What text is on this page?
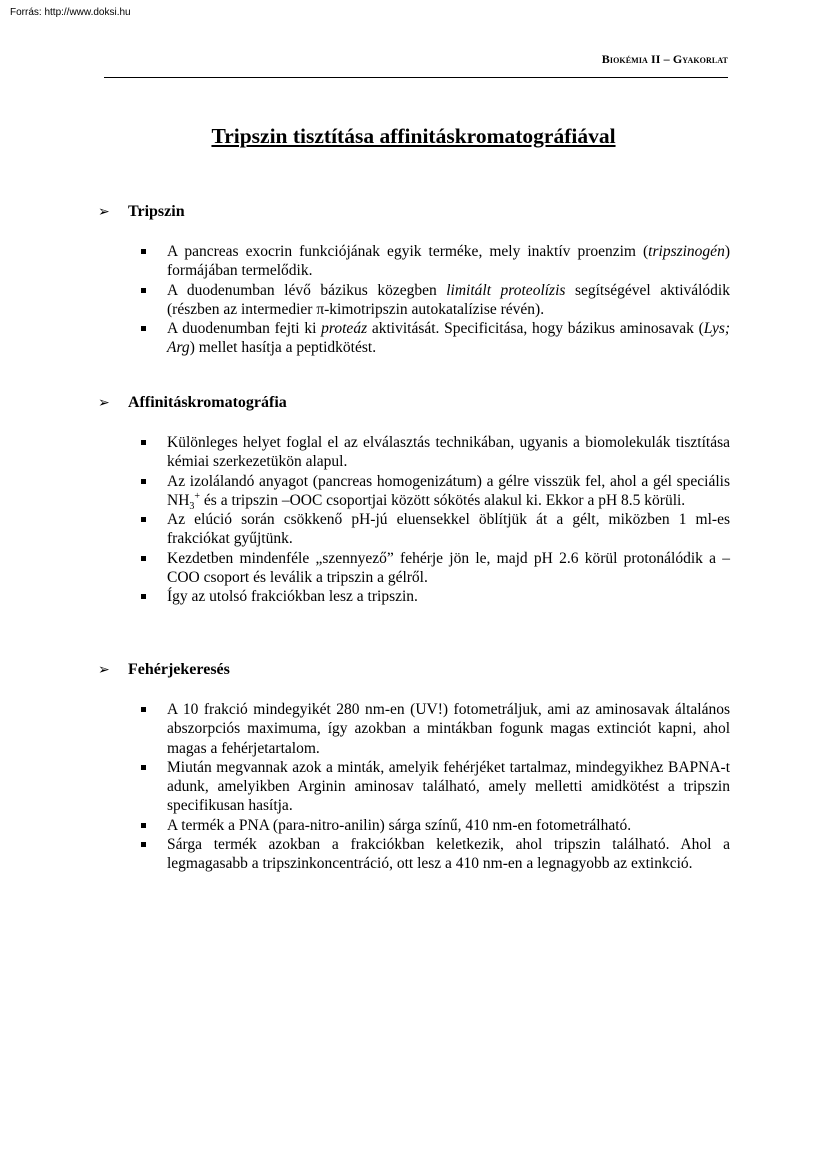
Forrás: http://www.doksi.hu
Biokémia II – Gyakorlat
Tripszin tisztítása affinitáskromatográfiával
➢	Tripszin
A pancreas exocrin funkciójának egyik terméke, mely inaktív proenzim (tripszinogén) formájában termelődik.
A duodenumban lévő bázikus közegben limitált proteolízis segítségével aktiválódik (részben az intermedier π-kimotripszin autokatalízise révén).
A duodenumban fejti ki proteáz aktivitását. Specificitása, hogy bázikus aminosavak (Lys; Arg) mellet hasítja a peptidkötést.
➢	Affinitáskromatográfia
Különleges helyet foglal el az elválasztás technikában, ugyanis a biomolekulák tisztítása kémiai szerkezetükön alapul.
Az izolálandó anyagot (pancreas homogenizátum) a gélre visszük fel, ahol a gél speciális $NH_3^+$ és a tripszin –OOC csoportjai között sókötés alakul ki. Ekkor a pH 8.5 körüli.
Az elúció során csökkenő pH-jú eluensekkel öblítjük át a gélt, miközben 1 ml-es frakciókat gyűjtünk.
Kezdetben mindenféle „szennyező” fehérje jön le, majd pH 2.6 körül protonálódik a –COO csoport és leválik a tripszin a gélről.
Így az utolsó frakciókban lesz a tripszin.
➢	Fehérjekeresés
A 10 frakció mindegyikét 280 nm-en (UV!) fotometráljuk, ami az aminosavak általános abszorpciós maximuma, így azokban a mintákban fogunk magas extinciót kapni, ahol magas a fehérjetartalom.
Miután megvannak azok a minták, amelyik fehérjéket tartalmaz, mindegyikhez BAPNA-t adunk, amelyikben Arginin aminosav található, amely melletti amidkötést a tripszin specifikusan hasítja.
A termék a PNA (para-nitro-anilin) sárga színű, 410 nm-en fotometrálható.
Sárga termék azokban a frakciókban keletkezik, ahol tripszin található. Ahol a legmagasabb a tripszinkoncentráció, ott lesz a 410 nm-en a legnagyobb az extinkció.
